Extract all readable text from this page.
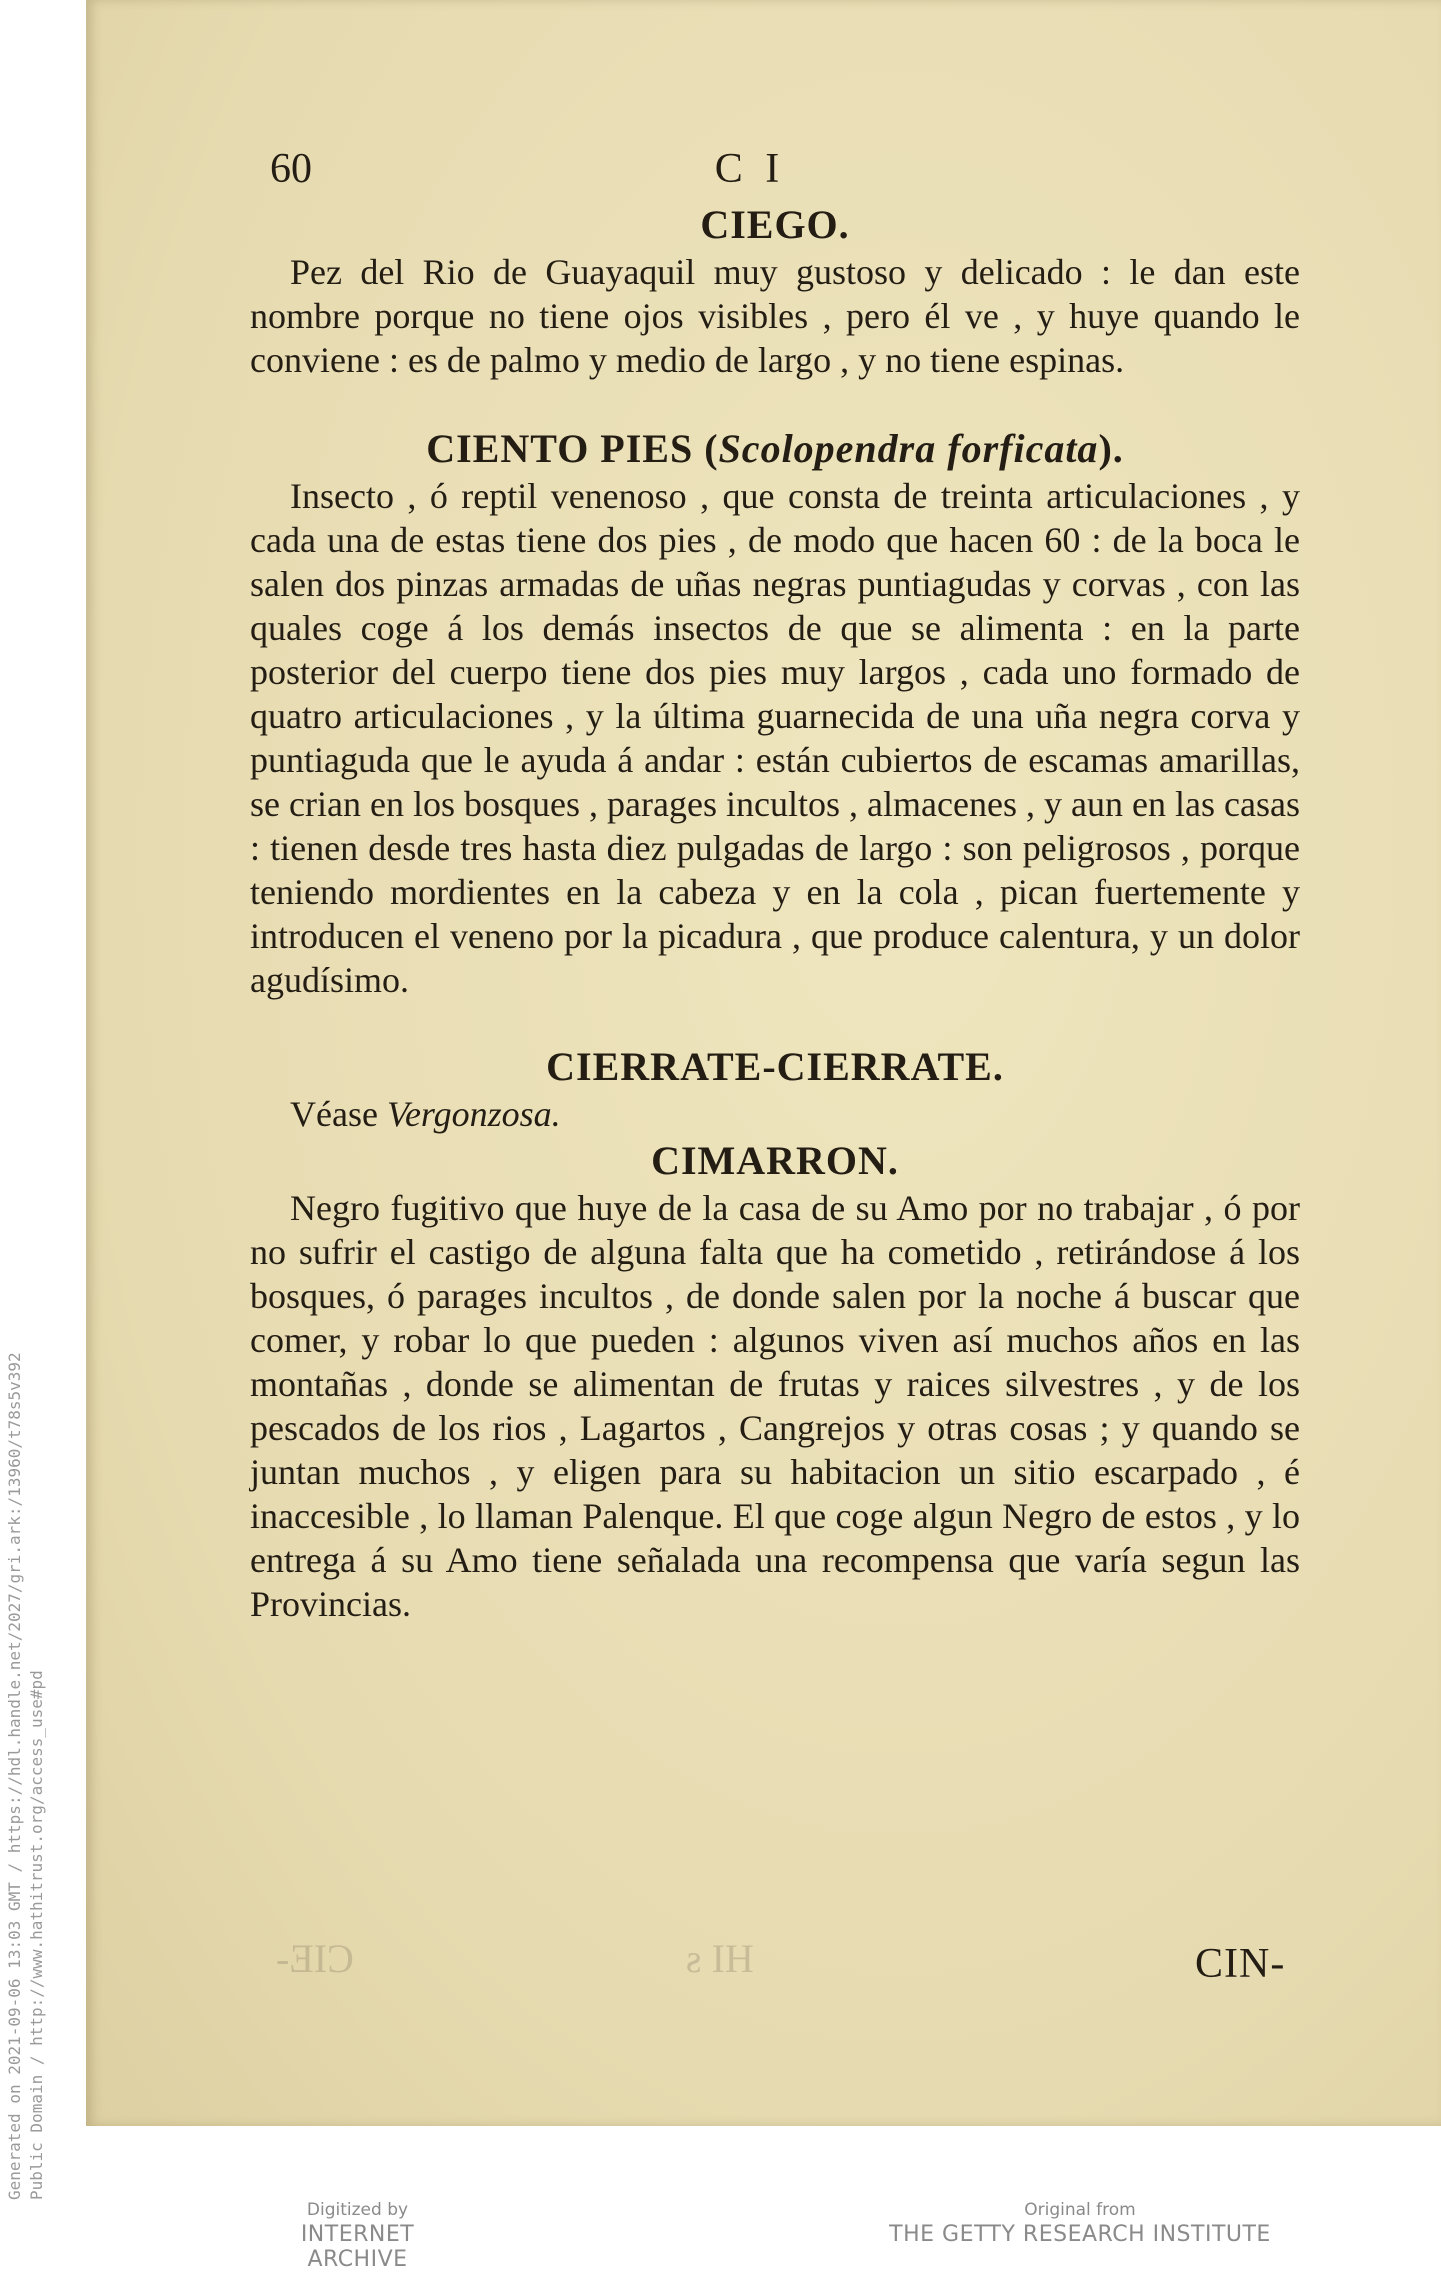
-ƎIƆ	ƨ IH
60	C I
CIEGO.

Pez del Rio de Guayaquil muy gustoso y delicado : le dan este nombre porque no tiene ojos visibles , pero él ve , y huye quando le conviene : es de palmo y medio de largo , y no tiene espinas.

CIENTO PIES (Scolopendra forficata).

Insecto , ó reptil venenoso , que consta de treinta articulaciones , y cada una de estas tiene dos pies , de modo que hacen 60 : de la boca le salen dos pinzas armadas de uñas negras puntiagudas y corvas , con las quales coge á los demás insectos de que se alimenta : en la parte posterior del cuerpo tiene dos pies muy largos , cada uno formado de quatro articulaciones , y la última guarnecida de una uña negra corva y puntiaguda que le ayuda á andar : están cubiertos de escamas amarillas, se crian en los bosques , parages incultos , almacenes , y aun en las casas : tienen desde tres hasta diez pulgadas de largo : son peligrosos , porque teniendo mordientes en la cabeza y en la cola , pican fuertemente y introducen el veneno por la picadura , que produce calentura, y un dolor agudísimo.

CIERRATE-CIERRATE.

Véase Vergonzosa.

CIMARRON.

Negro fugitivo que huye de la casa de su Amo por no trabajar , ó por no sufrir el castigo de alguna falta que ha cometido , retirándose á los bosques, ó parages incultos , de donde salen por la noche á buscar que comer, y robar lo que pueden : algunos viven así muchos años en las montañas , donde se alimentan de frutas y raices silvestres , y de los pescados de los rios , Lagartos , Cangrejos y otras cosas ; y quando se juntan muchos , y eligen para su habitacion un sitio escarpado , é inaccesible , lo llaman Palenque. El que coge algun Negro de estos , y lo entrega á su Amo tiene señalada una recompensa que varía segun las Provincias.

CIN-
Generated on 2021-09-06 13:03 GMT / https://hdl.handle.net/2027/gri.ark:/13960/t78s5v392 Public Domain / http://www.hathitrust.org/access_use#pd
Digitized by
INTERNET ARCHIVE
Original from
THE GETTY RESEARCH INSTITUTE
